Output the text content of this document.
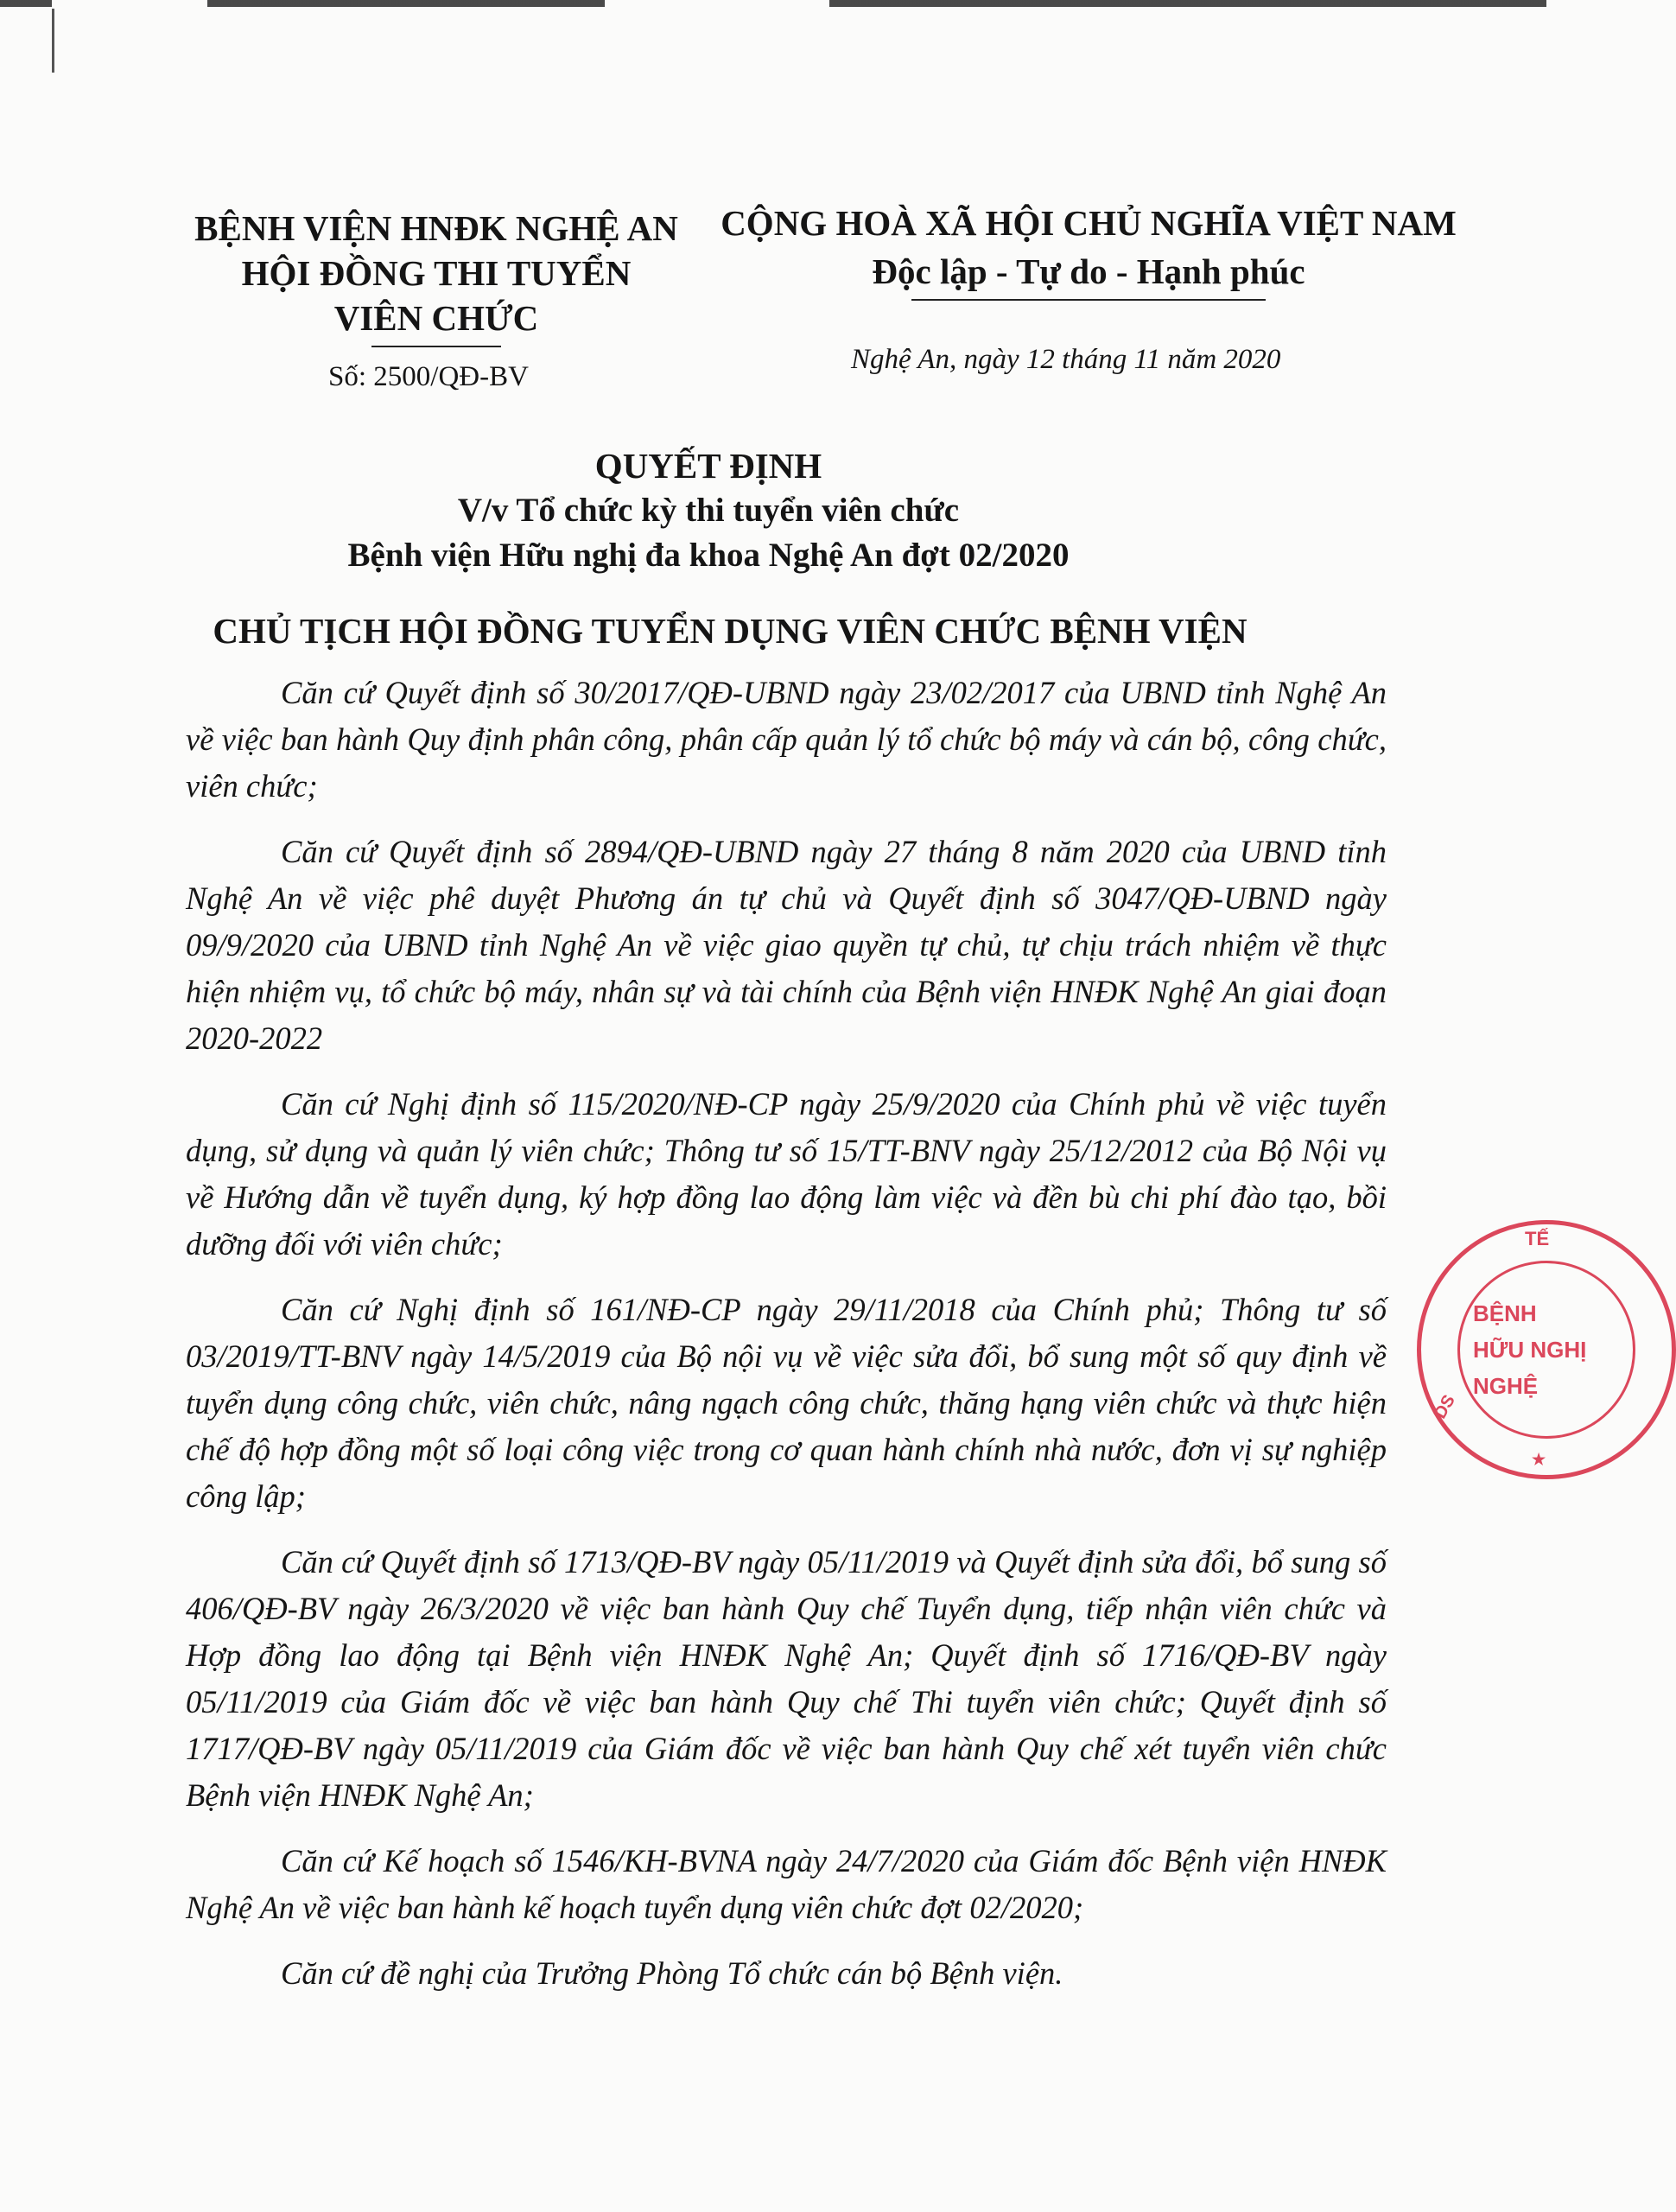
BỆNH VIỆN HNĐK NGHỆ AN
HỘI ĐỒNG THI TUYỂN
VIÊN CHỨC
CỘNG HOÀ XÃ HỘI CHỦ NGHĨA VIỆT NAM
Độc lập - Tự do - Hạnh phúc
Số: 2500/QĐ-BV
Nghệ An, ngày 12 tháng 11 năm 2020
QUYẾT ĐỊNH
V/v Tổ chức kỳ thi tuyển viên chức
Bệnh viện Hữu nghị đa khoa Nghệ An đợt 02/2020
CHỦ TỊCH HỘI ĐỒNG TUYỂN DỤNG VIÊN CHỨC BỆNH VIỆN

Căn cứ Quyết định số 30/2017/QĐ-UBND ngày 23/02/2017 của UBND tỉnh Nghệ An về việc ban hành Quy định phân công, phân cấp quản lý tổ chức bộ máy và cán bộ, công chức, viên chức;

Căn cứ Quyết định số 2894/QĐ-UBND ngày 27 tháng 8 năm 2020 của UBND tỉnh Nghệ An về việc phê duyệt Phương án tự chủ và Quyết định số 3047/QĐ-UBND ngày 09/9/2020 của UBND tỉnh Nghệ An về việc giao quyền tự chủ, tự chịu trách nhiệm về thực hiện nhiệm vụ, tổ chức bộ máy, nhân sự và tài chính của Bệnh viện HNĐK Nghệ An giai đoạn 2020-2022

Căn cứ Nghị định số 115/2020/NĐ-CP ngày 25/9/2020 của Chính phủ về việc tuyển dụng, sử dụng và quản lý viên chức; Thông tư số 15/TT-BNV ngày 25/12/2012 của Bộ Nội vụ về Hướng dẫn về tuyển dụng, ký hợp đồng lao động làm việc và đền bù chi phí đào tạo, bồi dưỡng đối với viên chức;

Căn cứ Nghị định số 161/NĐ-CP ngày 29/11/2018 của Chính phủ; Thông tư số 03/2019/TT-BNV ngày 14/5/2019 của Bộ nội vụ về việc sửa đổi, bổ sung một số quy định về tuyển dụng công chức, viên chức, nâng ngạch công chức, thăng hạng viên chức và thực hiện chế độ hợp đồng một số loại công việc trong cơ quan hành chính nhà nước, đơn vị sự nghiệp công lập;

Căn cứ Quyết định số 1713/QĐ-BV ngày 05/11/2019 và Quyết định sửa đổi, bổ sung số 406/QĐ-BV ngày 26/3/2020 về việc ban hành Quy chế Tuyển dụng, tiếp nhận viên chức và Hợp đồng lao động tại Bệnh viện HNĐK Nghệ An; Quyết định số 1716/QĐ-BV ngày 05/11/2019 của Giám đốc về việc ban hành Quy chế Thi tuyển viên chức; Quyết định số 1717/QĐ-BV ngày 05/11/2019 của Giám đốc về việc ban hành Quy chế xét tuyển viên chức Bệnh viện HNĐK Nghệ An;

Căn cứ Kế hoạch số 1546/KH-BVNA ngày 24/7/2020 của Giám đốc Bệnh viện HNĐK Nghệ An về việc ban hành kế hoạch tuyển dụng viên chức đợt 02/2020;

Căn cứ đề nghị của Trưởng Phòng Tổ chức cán bộ Bệnh viện.

TẾ
DS
BỆNH
HỮU NGHỊ
NGHỆ
★
